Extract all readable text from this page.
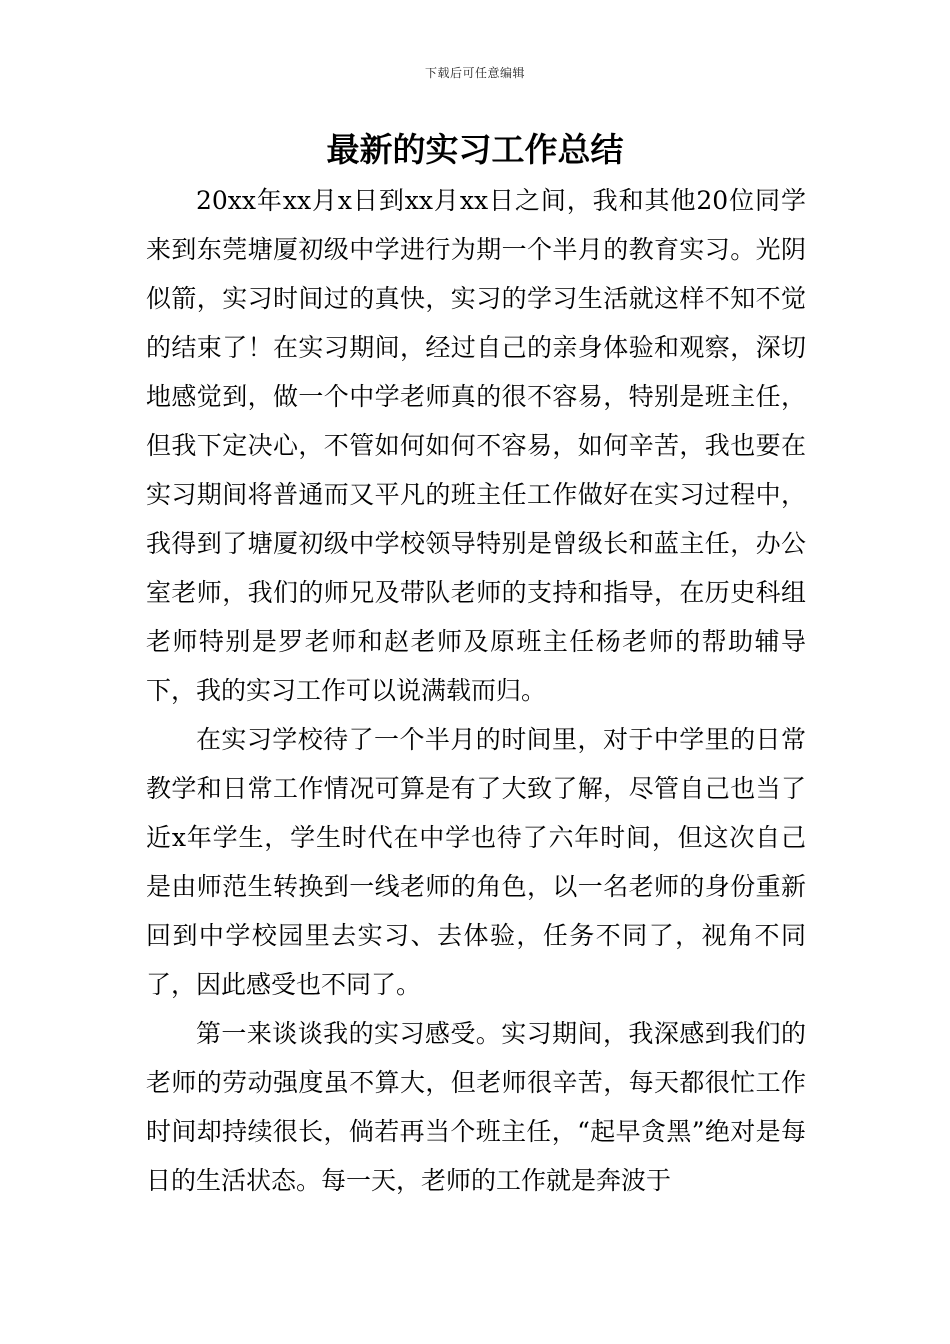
下载后可任意编辑
最新的实习工作总结

20xx年xx月x日到xx月xx日之间，我和其他20位同学来到东莞塘厦初级中学进行为期一个半月的教育实习。光阴似箭，实习时间过的真快，实习的学习生活就这样不知不觉的结束了！在实习期间，经过自己的亲身体验和观察，深切地感觉到，做一个中学老师真的很不容易，特别是班主任，但我下定决心，不管如何如何不容易，如何辛苦，我也要在实习期间将普通而又平凡的班主任工作做好在实习过程中，我得到了塘厦初级中学校领导特别是曾级长和蓝主任，办公室老师，我们的师兄及带队老师的支持和指导，在历史科组老师特别是罗老师和赵老师及原班主任杨老师的帮助辅导下，我的实习工作可以说满载而归。

在实习学校待了一个半月的时间里，对于中学里的日常教学和日常工作情况可算是有了大致了解，尽管自己也当了近x年学生，学生时代在中学也待了六年时间，但这次自己是由师范生转换到一线老师的角色，以一名老师的身份重新回到中学校园里去实习、去体验，任务不同了，视角不同了，因此感受也不同了。

第一来谈谈我的实习感受。实习期间，我深感到我们的老师的劳动强度虽不算大，但老师很辛苦，每天都很忙工作时间却持续很长，倘若再当个班主任，“起早贪黑”绝对是每日的生活状态。每一天，老师的工作就是奔波于
